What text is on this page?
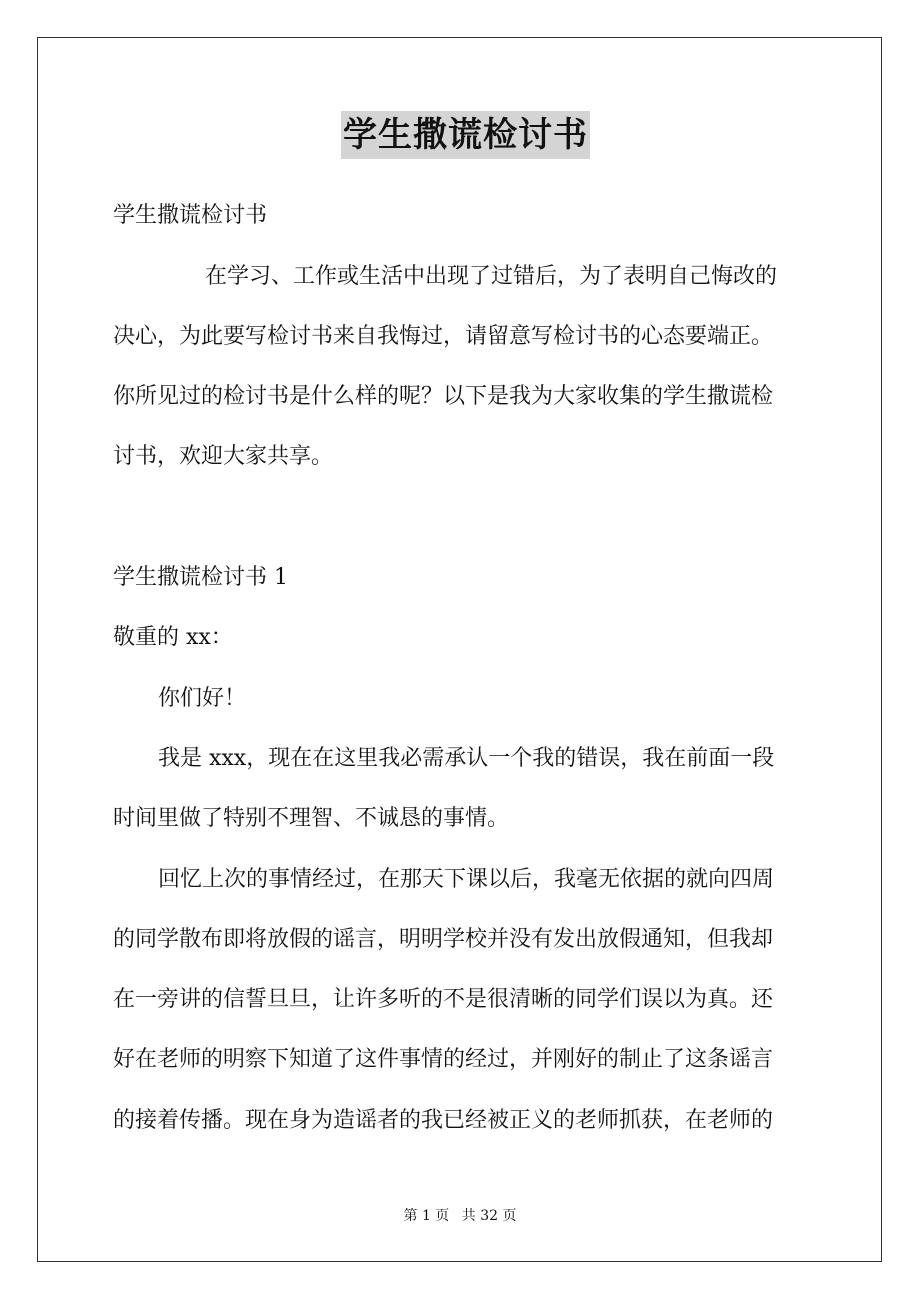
学生撒谎检讨书
学生撒谎检讨书
在学习、工作或生活中出现了过错后，为了表明自己悔改的
决心，为此要写检讨书来自我悔过，请留意写检讨书的心态要端正。
你所见过的检讨书是什么样的呢？以下是我为大家收集的学生撒谎检
讨书，欢迎大家共享。
学生撒谎检讨书 1
敬重的 xx：
你们好！
我是 xxx，现在在这里我必需承认一个我的错误，我在前面一段
时间里做了特别不理智、不诚恳的事情。
回忆上次的事情经过，在那天下课以后，我毫无依据的就向四周
的同学散布即将放假的谣言，明明学校并没有发出放假通知，但我却
在一旁讲的信誓旦旦，让许多听的不是很清晰的同学们误以为真。还
好在老师的明察下知道了这件事情的经过，并刚好的制止了这条谣言
的接着传播。现在身为造谣者的我已经被正义的老师抓获，在老师的
第 1 页 共 32 页
